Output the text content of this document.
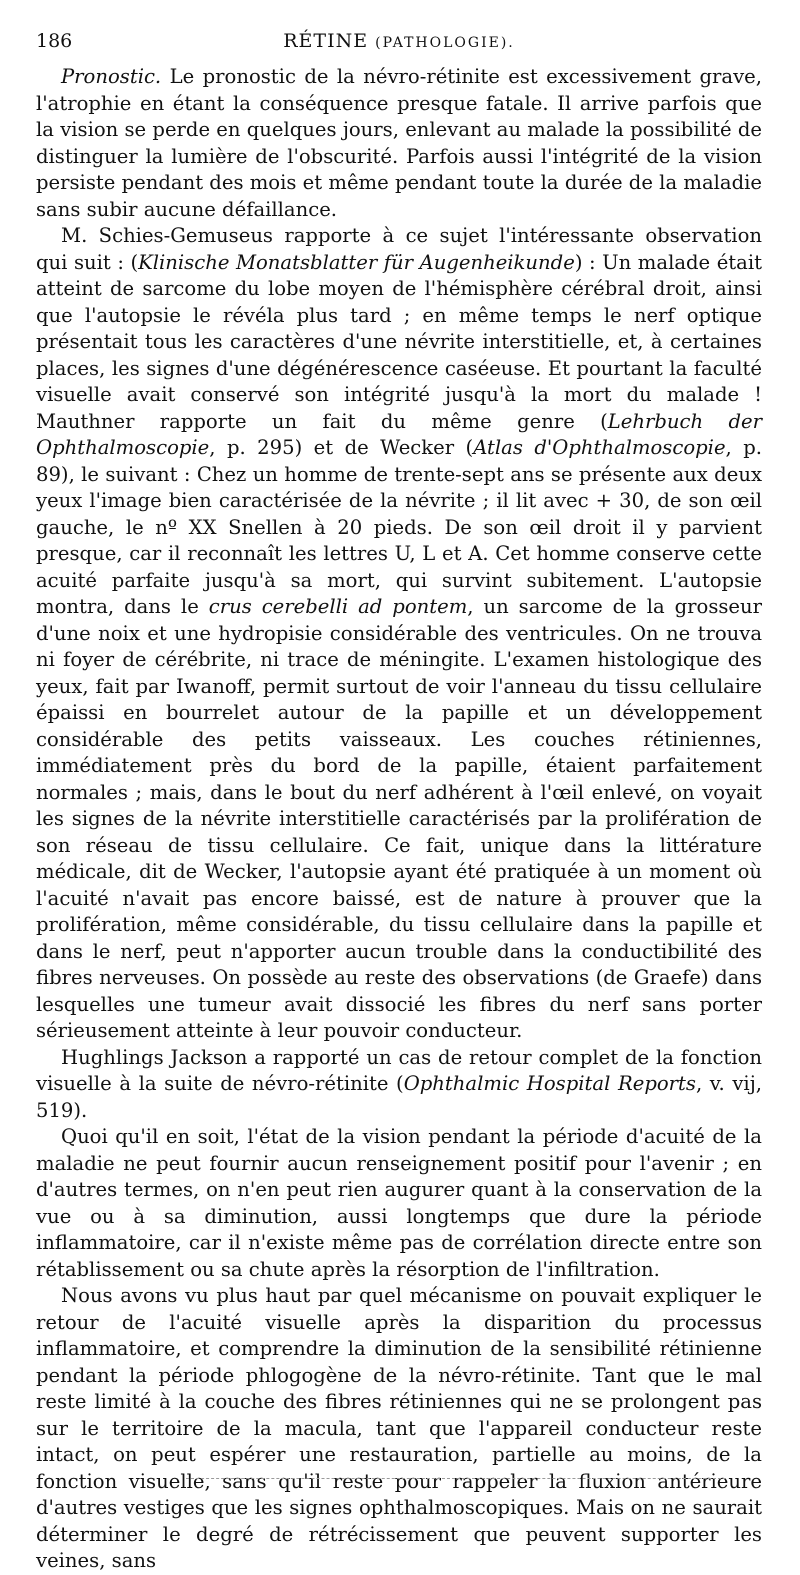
186	RÉTINE (PATHOLOGIE).

Pronostic. Le pronostic de la névro-rétinite est excessivement grave, l'atrophie en étant la conséquence presque fatale. Il arrive parfois que la vision se perde en quelques jours, enlevant au malade la possibilité de distinguer la lumière de l'obscurité. Parfois aussi l'intégrité de la vision persiste pendant des mois et même pendant toute la durée de la maladie sans subir aucune défaillance.

M. Schies-Gemuseus rapporte à ce sujet l'intéressante observation qui suit : (Klinische Monatsblatter für Augenheikunde) : Un malade était atteint de sarcome du lobe moyen de l'hémisphère cérébral droit, ainsi que l'autopsie le révéla plus tard ; en même temps le nerf optique présentait tous les caractères d'une névrite interstitielle, et, à certaines places, les signes d'une dégénérescence caséeuse. Et pourtant la faculté visuelle avait conservé son intégrité jusqu'à la mort du malade ! Mauthner rapporte un fait du même genre (Lehrbuch der Ophthalmoscopie, p. 295) et de Wecker (Atlas d'Ophthalmoscopie, p. 89), le suivant : Chez un homme de trente-sept ans se présente aux deux yeux l'image bien caractérisée de la névrite ; il lit avec + 30, de son œil gauche, le nº XX Snellen à 20 pieds. De son œil droit il y parvient presque, car il reconnaît les lettres U, L et A. Cet homme conserve cette acuité parfaite jusqu'à sa mort, qui survint subitement. L'autopsie montra, dans le crus cerebelli ad pontem, un sarcome de la grosseur d'une noix et une hydropisie considérable des ventricules. On ne trouva ni foyer de cérébrite, ni trace de méningite. L'examen histologique des yeux, fait par Iwanoff, permit surtout de voir l'anneau du tissu cellulaire épaissi en bourrelet autour de la papille et un développement considérable des petits vaisseaux. Les couches rétiniennes, immédiatement près du bord de la papille, étaient parfaitement normales ; mais, dans le bout du nerf adhérent à l'œil enlevé, on voyait les signes de la névrite interstitielle caractérisés par la prolifération de son réseau de tissu cellulaire. Ce fait, unique dans la littérature médicale, dit de Wecker, l'autopsie ayant été pratiquée à un moment où l'acuité n'avait pas encore baissé, est de nature à prouver que la prolifération, même considérable, du tissu cellulaire dans la papille et dans le nerf, peut n'apporter aucun trouble dans la conductibilité des fibres nerveuses. On possède au reste des observations (de Graefe) dans lesquelles une tumeur avait dissocié les fibres du nerf sans porter sérieusement atteinte à leur pouvoir conducteur.

Hughlings Jackson a rapporté un cas de retour complet de la fonction visuelle à la suite de névro-rétinite (Ophthalmic Hospital Reports, v. vij, 519).

Quoi qu'il en soit, l'état de la vision pendant la période d'acuité de la maladie ne peut fournir aucun renseignement positif pour l'avenir ; en d'autres termes, on n'en peut rien augurer quant à la conservation de la vue ou à sa diminution, aussi longtemps que dure la période inflammatoire, car il n'existe même pas de corrélation directe entre son rétablissement ou sa chute après la résorption de l'infiltration.

Nous avons vu plus haut par quel mécanisme on pouvait expliquer le retour de l'acuité visuelle après la disparition du processus inflammatoire, et comprendre la diminution de la sensibilité rétinienne pendant la période phlogogène de la névro-rétinite. Tant que le mal reste limité à la couche des fibres rétiniennes qui ne se prolongent pas sur le territoire de la macula, tant que l'appareil conducteur reste intact, on peut espérer une restauration, partielle au moins, de la fonction visuelle, sans qu'il reste pour rappeler la fluxion antérieure d'autres vestiges que les signes ophthalmoscopiques. Mais on ne saurait déterminer le degré de rétrécissement que peuvent supporter les veines, sans
